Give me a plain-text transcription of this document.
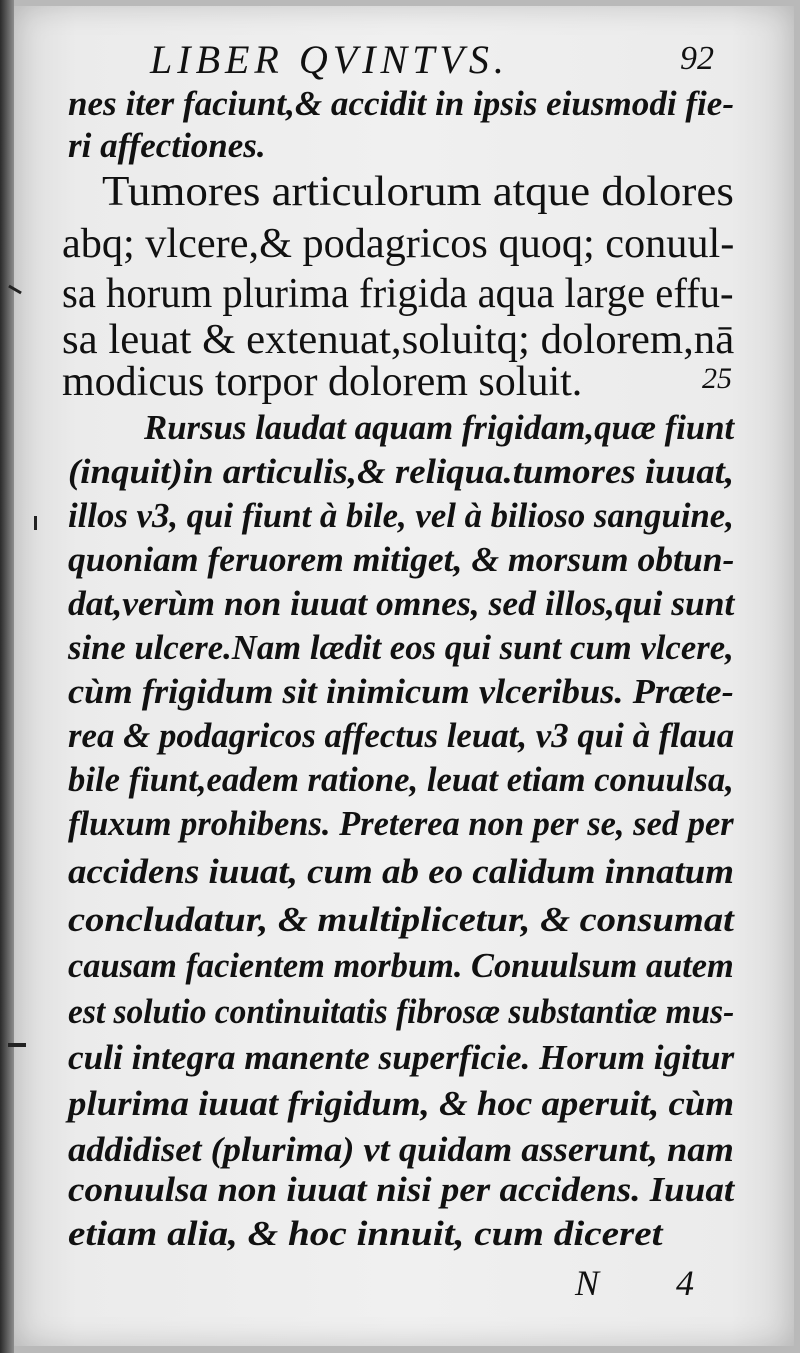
LIBER QVINTVS.	92
nes iter faciunt,& accidit in ipsis eiusmodi fie-
ri affectiones.
Tumores articulorum atque dolores
abq; vlcere,& podagricos quoq; conuul-
sa horum plurima frigida aqua large effu-
sa leuat & extenuat,soluitq; dolorem,nā
modicus torpor dolorem soluit.
Rursus laudat aquam frigidam,quæ fiunt
(inquit)in articulis,& reliqua.tumores iuuat,
illos v3, qui fiunt à bile, vel à bilioso sanguine,
quoniam feruorem mitiget, & morsum obtun-
dat,verùm non iuuat omnes, sed illos,qui sunt
sine ulcere.Nam lædit eos qui sunt cum vlcere,
cùm frigidum sit inimicum vlceribus. Præte-
rea & podagricos affectus leuat, v3 qui à flaua
bile fiunt,eadem ratione, leuat etiam conuulsa,
fluxum prohibens. Preterea non per se, sed per
accidens iuuat, cum ab eo calidum innatum
concludatur, & multiplicetur, & consumat
causam facientem morbum. Conuulsum autem
est solutio continuitatis fibrosæ substantiæ mus-
culi integra manente superficie. Horum igitur
plurima iuuat frigidum, & hoc aperuit, cùm
addidiset (plurima) vt quidam asserunt, nam
conuulsa non iuuat nisi per accidens. Iuuat
etiam alia, & hoc innuit, cum diceret
25
N 4
